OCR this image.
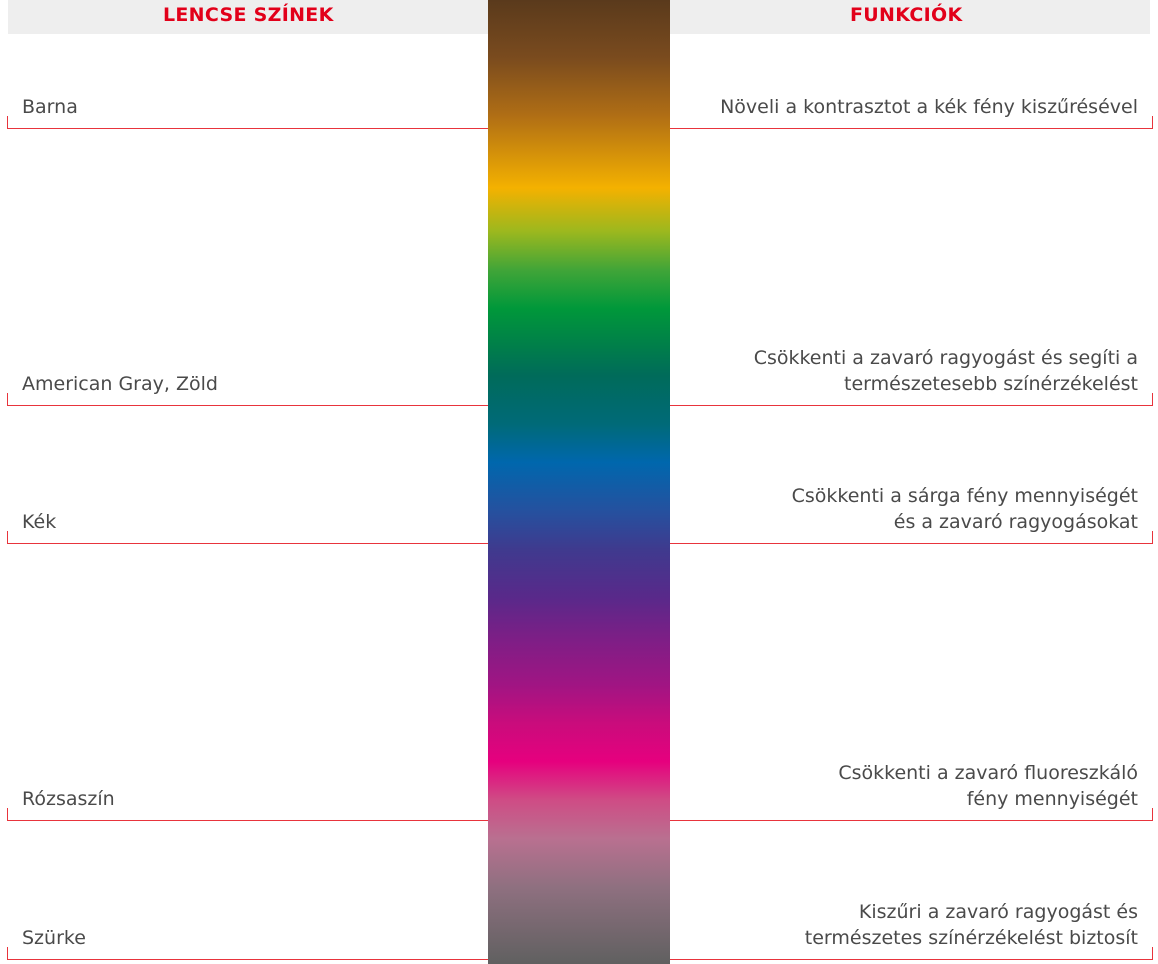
LENCSE SZÍNEK	FUNKCIÓK
Barna	Növeli a kontrasztot a kék fény kiszűrésével
American Gray, Zöld
Csökkenti a zavaró ragyogást és segíti a
természetesebb színérzékelést
Kék
Csökkenti a sárga fény mennyiségét
és a zavaró ragyogásokat
Rózsaszín
Csökkenti a zavaró fluoreszkáló
fény mennyiségét
Szürke
Kiszűri a zavaró ragyogást és
természetes színérzékelést biztosít
